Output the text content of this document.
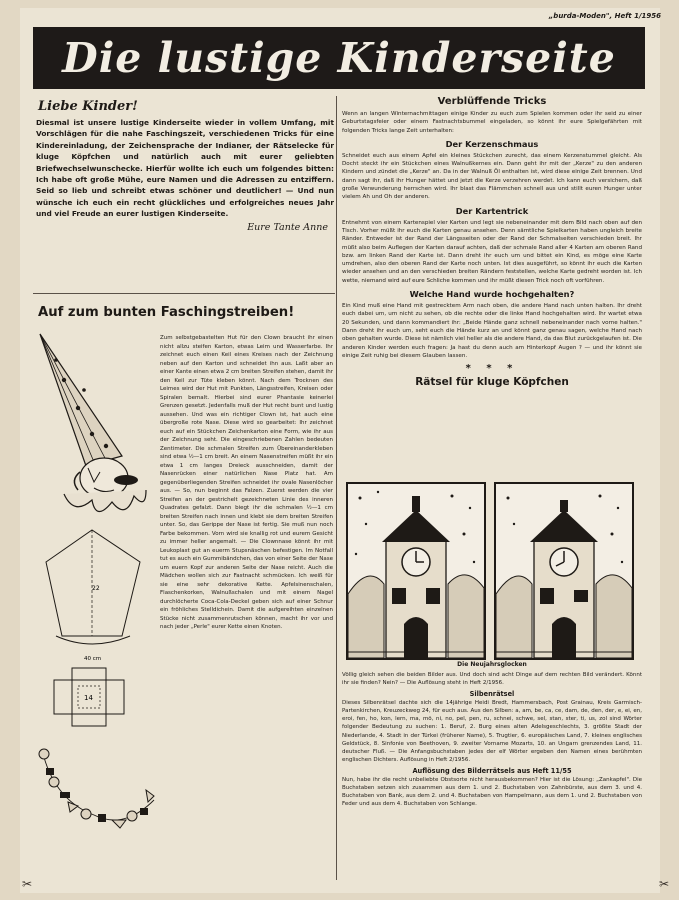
„burda-Moden", Heft 1/1956
Die lustige Kinderseite
Liebe Kinder!

Diesmal ist unsere lustige Kinderseite wieder in vollem Umfang, mit Vorschlägen für die nahe Faschingszeit, verschiedenen Tricks für eine Kindereinladung, der Zeichensprache der Indianer, der Rätselecke für kluge Köpfchen und natürlich auch mit eurer geliebten Briefwechselwunschecke. Hierfür wollte ich euch um folgendes bitten: Ich habe oft große Mühe, eure Namen und die Adressen zu entziffern. Seid so lieb und schreibt etwas schöner und deutlicher! — Und nun wünsche ich euch ein recht glückliches und erfolgreiches neues Jahr und viel Freude an eurer lustigen Kinderseite.

Eure Tante Anne
Auf zum bunten Faschingstreiben!
22
40 cm
14

Zum selbstgebastelten Hut für den Clown braucht ihr einen nicht allzu steifen Karton, etwas Leim und Wasserfarbe. Ihr zeichnet euch einen Keil eines Kreises nach der Zeichnung neben auf den Karton und schneidet ihn aus. Laßt aber an einer Kante einen etwa 2 cm breiten Streifen stehen, damit ihr den Keil zur Tüte kleben könnt. Nach dem Trocknen des Leimes wird der Hut mit Punkten, Längsstreifen, Kreisen oder Spiralen bemalt. Hierbei sind eurer Phantasie keinerlei Grenzen gesetzt. Jedenfalls muß der Hut recht bunt und lustig aussehen. Und was ein richtiger Clown ist, hat auch eine übergroße rote Nase. Diese wird so gearbeitet: Ihr zeichnet euch auf ein Stückchen Zeichenkarton eine Form, wie ihr aus der Zeichnung seht. Die eingeschriebenen Zahlen bedeuten Zentimeter. Die schmalen Streifen zum Übereinanderkleben sind etwa ½—1 cm breit. An einem Nasenstreifen müßt ihr ein etwa 1 cm langes Dreieck ausschneiden, damit der Nasenrücken einer natürlichen Nase Platz hat. Am gegenüberliegenden Streifen schneidet ihr ovale Nasenlöcher aus. — So, nun beginnt das Falzen. Zuerst werden die vier Streifen an der gestrichelt gezeichneten Linie des inneren Quadrates gefalzt. Dann biegt ihr die schmalen ½—1 cm breiten Streifen nach innen und klebt sie dem breiten Streifen unter. So, das Gerippe der Nase ist fertig. Sie muß nun noch Farbe bekommen. Vorn wird sie knallig rot und eurem Gesicht zu immer heller angemalt. — Die Clownnase könnt ihr mit Leukoplast gut an euerm Stupsnäschen befestigen. Im Notfall tut es auch ein Gummibändchen, das von einer Seite der Nase um euern Kopf zur anderen Seite der Nase reicht. Auch die Mädchen wollen sich zur Fastnacht schmücken. Ich weiß für sie eine sehr dekorative Kette. Apfelsinenschalen, Flaschenkorken, Walnußschalen und mit einem Nagel durchlöcherte Coca-Cola-Deckel geben sich auf einer Schnur ein fröhliches Stelldichein. Damit die aufgereihten einzelnen Stücke nicht zusammenrutschen können, macht ihr vor und nach jeder „Perle" eurer Kette einen Knoten.

Verblüffende Tricks

Wenn an langen Winternachmittagen einige Kinder zu euch zum Spielen kommen oder ihr seid zu einer Geburtstagsfeier oder einem Fastnachtsbummel eingeladen, so könnt ihr eure Spielgefährten mit folgenden Tricks lange Zeit unterhalten:

Der Kerzenschmaus

Schneidet euch aus einem Apfel ein kleines Stückchen zurecht, das einem Kerzenstummel gleicht. Als Docht steckt ihr ein Stückchen eines Walnußkernes ein. Dann geht ihr mit der „Kerze" zu den anderen Kindern und zündet die „Kerze" an. Da in der Walnuß Öl enthalten ist, wird diese einige Zeit brennen. Und dann sagt ihr, daß ihr Hunger hättet und jetzt die Kerze verzehren werdet. Ich kann euch versichern, daß große Verwunderung herrschen wird. Ihr blast das Flämmchen schnell aus und stillt euren Hunger unter vielem Ah und Oh der anderen.

Der Kartentrick

Entnehmt von einem Kartenspiel vier Karten und legt sie nebeneinander mit dem Bild nach oben auf den Tisch. Vorher müßt ihr euch die Karten genau ansehen. Denn sämtliche Spielkarten haben ungleich breite Ränder. Entweder ist der Rand der Längsseiten oder der Rand der Schmalseiten verschieden breit. Ihr müßt also beim Auflegen der Karten darauf achten, daß der schmale Rand aller 4 Karten am oberen Rand bzw. am linken Rand der Karte ist. Dann dreht ihr euch um und bittet ein Kind, es möge eine Karte umdrehen, also den oberen Rand der Karte noch unten. Ist dies ausgeführt, so könnt ihr euch die Karten wieder ansehen und an den verschieden breiten Rändern feststellen, welche Karte gedreht worden ist. Ich wette, niemand wird auf eure Schliche kommen und ihr müßt diesen Trick noch oft vorführen.

Welche Hand wurde hochgehalten?

Ein Kind muß eine Hand mit gestrecktem Arm nach oben, die andere Hand nach unten halten. Ihr dreht euch dabei um, um nicht zu sehen, ob die rechte oder die linke Hand hochgehalten wird. Ihr wartet etwa 20 Sekunden, und dann kommandiert ihr: „Beide Hände ganz schnell nebeneinander nach vorne halten." Dann dreht ihr euch um, seht euch die Hände kurz an und könnt ganz genau sagen, welche Hand nach oben gehalten wurde. Diese ist nämlich viel heller als die andere Hand, da das Blut zurückgelaufen ist. Die anderen Kinder werden euch fragen: Ja hast du denn auch am Hinterkopf Augen ? — und ihr könnt sie einige Zeit ruhig bei diesem Glauben lassen.

* * *
Rätsel für kluge Köpfchen
Die Neujahrsglocken

Völlig gleich sehen die beiden Bilder aus. Und doch sind acht Dinge auf dem rechten Bild verändert. Könnt ihr sie finden? Nein? — Die Auflösung steht in Heft 2/1956.

Silbenrätsel

Dieses Silbenrätsel dachte sich die 14jährige Heidi Bredt, Hammersbach, Post Grainau, Kreis Garmisch-Partenkirchen, Kreuzeckweg 24, für euch aus. Aus den Silben: a, am, be, ca, ce, dam, de, den, der, e, ei, en, eroi, fen, ho, kon, lern, ma, mö, ni, no, pel, pen, ru, schnei, schwe, sel, stan, ster, ti, us, zol sind Wörter folgender Bedeutung zu suchen: 1. Beruf, 2. Burg eines alten Adelsgeschlechts, 3. größte Stadt der Niederlande, 4. Stadt in der Türkei (früherer Name), 5. Trugtier, 6. europäisches Land, 7. kleines englisches Geldstück, 8. Sinfonie von Beethoven, 9. zweiter Vorname Mozarts, 10. an Ungarn grenzendes Land, 11. deutscher Fluß. — Die Anfangsbuchstaben jedes der elf Wörter ergeben den Namen eines berühmten englischen Dichters. Auflösung in Heft 2/1956.

Auflösung des Bilderrätsels aus Heft 11/55

Nun, habe ihr die recht unbeliebte Obstsorte nicht herausbekommen? Hier ist die Lösung: „Zankapfel". Die Buchstaben setzen sich zusammen aus dem 1. und 2. Buchstaben von Zahnbürste, aus dem 3. und 4. Buchstaben von Bank, aus dem 2. und 4. Buchstaben von Hampelmann, aus dem 1. und 2. Buchstaben von Feder und aus dem 4. Buchstaben von Schlange.

✂	✂
